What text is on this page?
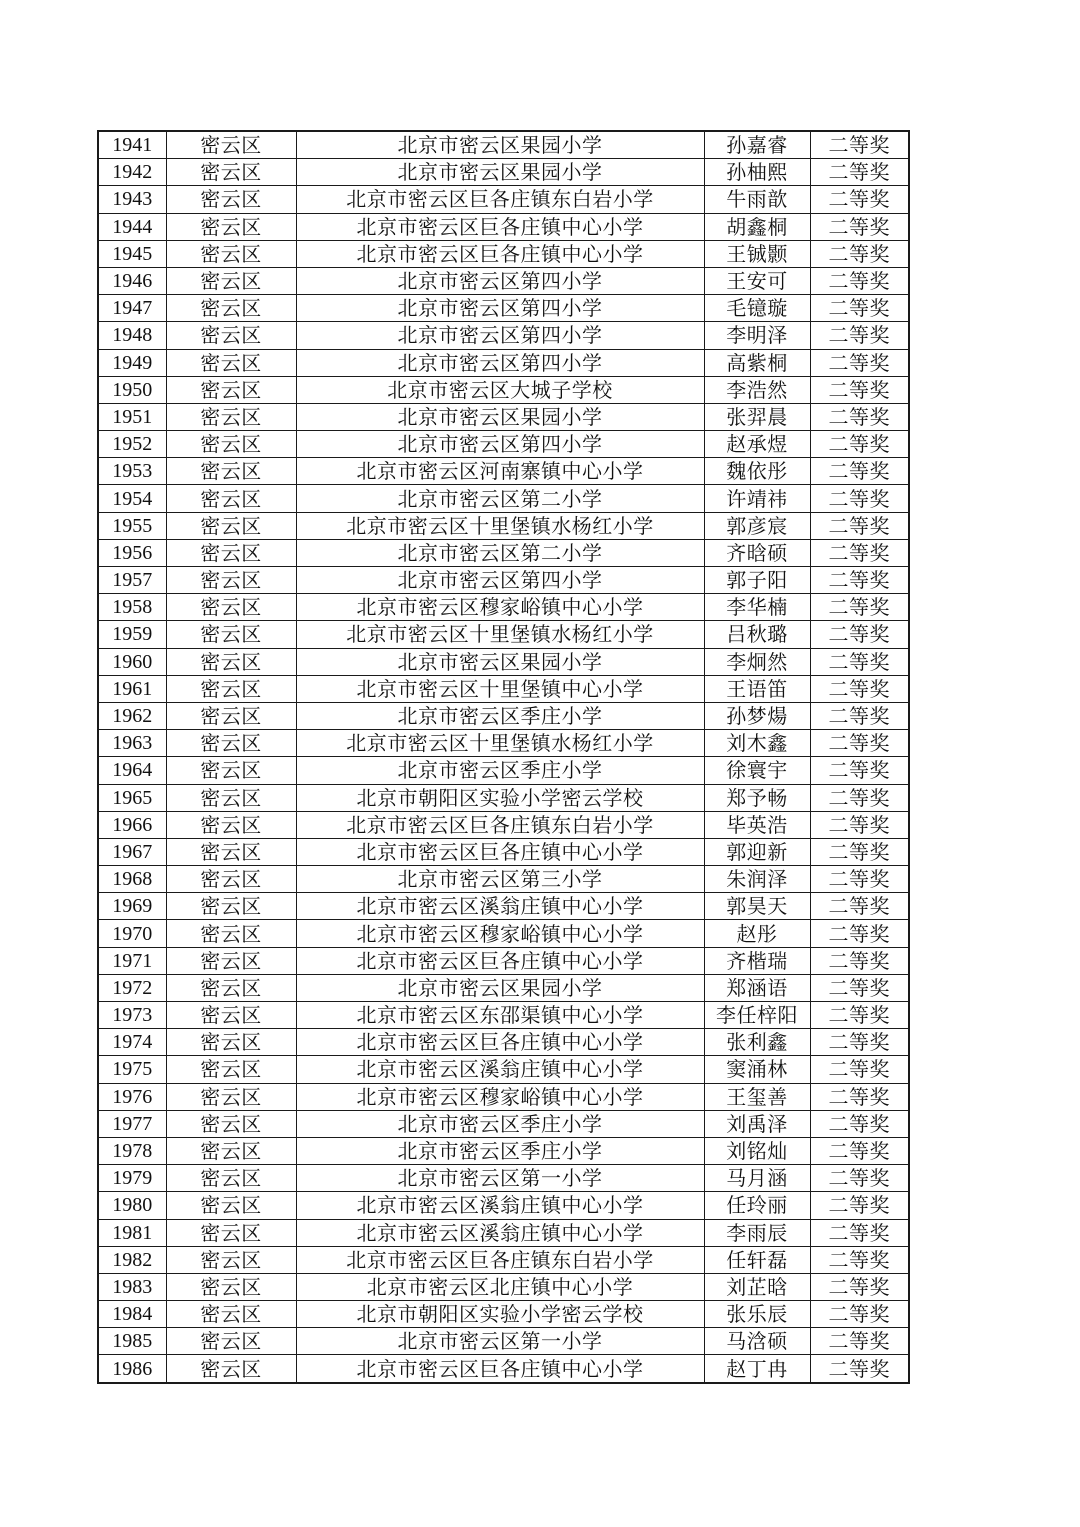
1941	密云区	北京市密云区果园小学	孙嘉睿	二等奖
1942	密云区	北京市密云区果园小学	孙柚熙	二等奖
1943	密云区	北京市密云区巨各庄镇东白岩小学	牛雨歆	二等奖
1944	密云区	北京市密云区巨各庄镇中心小学	胡鑫桐	二等奖
1945	密云区	北京市密云区巨各庄镇中心小学	王铖颢	二等奖
1946	密云区	北京市密云区第四小学	王安可	二等奖
1947	密云区	北京市密云区第四小学	毛镱璇	二等奖
1948	密云区	北京市密云区第四小学	李明泽	二等奖
1949	密云区	北京市密云区第四小学	高紫桐	二等奖
1950	密云区	北京市密云区大城子学校	李浩然	二等奖
1951	密云区	北京市密云区果园小学	张羿晨	二等奖
1952	密云区	北京市密云区第四小学	赵承煜	二等奖
1953	密云区	北京市密云区河南寨镇中心小学	魏依彤	二等奖
1954	密云区	北京市密云区第二小学	许靖祎	二等奖
1955	密云区	北京市密云区十里堡镇水杨红小学	郭彦宸	二等奖
1956	密云区	北京市密云区第二小学	齐晗硕	二等奖
1957	密云区	北京市密云区第四小学	郭子阳	二等奖
1958	密云区	北京市密云区穆家峪镇中心小学	李华楠	二等奖
1959	密云区	北京市密云区十里堡镇水杨红小学	吕秋璐	二等奖
1960	密云区	北京市密云区果园小学	李炯然	二等奖
1961	密云区	北京市密云区十里堡镇中心小学	王语笛	二等奖
1962	密云区	北京市密云区季庄小学	孙梦煬	二等奖
1963	密云区	北京市密云区十里堡镇水杨红小学	刘木鑫	二等奖
1964	密云区	北京市密云区季庄小学	徐寰宇	二等奖
1965	密云区	北京市朝阳区实验小学密云学校	郑予畅	二等奖
1966	密云区	北京市密云区巨各庄镇东白岩小学	毕英浩	二等奖
1967	密云区	北京市密云区巨各庄镇中心小学	郭迎新	二等奖
1968	密云区	北京市密云区第三小学	朱润泽	二等奖
1969	密云区	北京市密云区溪翁庄镇中心小学	郭昊天	二等奖
1970	密云区	北京市密云区穆家峪镇中心小学	赵彤	二等奖
1971	密云区	北京市密云区巨各庄镇中心小学	齐楷瑞	二等奖
1972	密云区	北京市密云区果园小学	郑涵语	二等奖
1973	密云区	北京市密云区东邵渠镇中心小学	李任梓阳	二等奖
1974	密云区	北京市密云区巨各庄镇中心小学	张利鑫	二等奖
1975	密云区	北京市密云区溪翁庄镇中心小学	窦涌林	二等奖
1976	密云区	北京市密云区穆家峪镇中心小学	王玺善	二等奖
1977	密云区	北京市密云区季庄小学	刘禹泽	二等奖
1978	密云区	北京市密云区季庄小学	刘铭灿	二等奖
1979	密云区	北京市密云区第一小学	马月涵	二等奖
1980	密云区	北京市密云区溪翁庄镇中心小学	任玲丽	二等奖
1981	密云区	北京市密云区溪翁庄镇中心小学	李雨辰	二等奖
1982	密云区	北京市密云区巨各庄镇东白岩小学	任轩磊	二等奖
1983	密云区	北京市密云区北庄镇中心小学	刘芷晗	二等奖
1984	密云区	北京市朝阳区实验小学密云学校	张乐辰	二等奖
1985	密云区	北京市密云区第一小学	马浛硕	二等奖
1986	密云区	北京市密云区巨各庄镇中心小学	赵丁冉	二等奖
